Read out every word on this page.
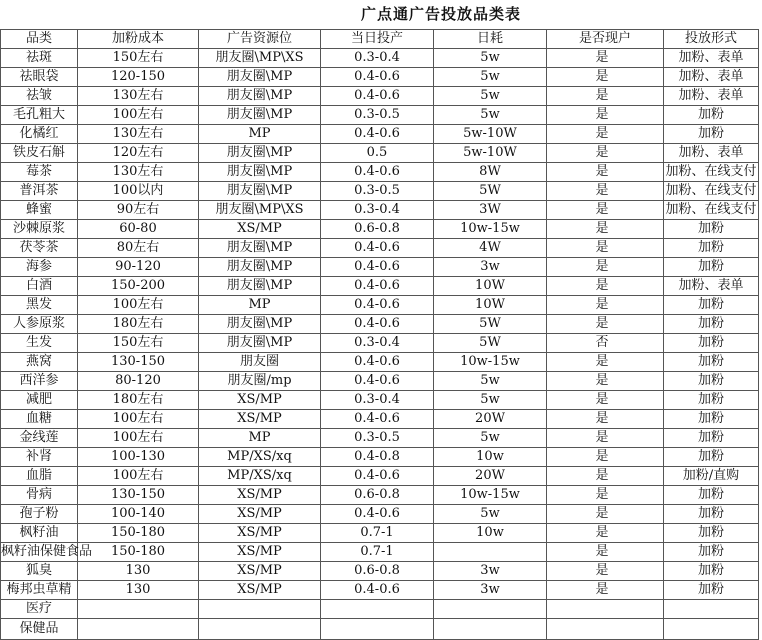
广点通广告投放品类表
品类	加粉成本	广告资源位	当日投产	日耗	是否现户	投放形式
祛斑	150左右	朋友圈\MP\XS	0.3-0.4	5w	是	加粉、表单
祛眼袋	120-150	朋友圈\MP	0.4-0.6	5w	是	加粉、表单
祛皱	130左右	朋友圈\MP	0.4-0.6	5w	是	加粉、表单
毛孔粗大	100左右	朋友圈\MP	0.3-0.5	5w	是	加粉
化橘红	130左右	MP	0.4-0.6	5w-10W	是	加粉
铁皮石斛	120左右	朋友圈\MP	0.5	5w-10W	是	加粉、表单
莓茶	130左右	朋友圈\MP	0.4-0.6	8W	是	加粉、在线支付
普洱茶	100以内	朋友圈\MP	0.3-0.5	5W	是	加粉、在线支付
蜂蜜	90左右	朋友圈\MP\XS	0.3-0.4	3W	是	加粉、在线支付
沙棘原浆	60-80	XS/MP	0.6-0.8	10w-15w	是	加粉
茯苓茶	80左右	朋友圈\MP	0.4-0.6	4W	是	加粉
海参	90-120	朋友圈\MP	0.4-0.6	3w	是	加粉
白酒	150-200	朋友圈\MP	0.4-0.6	10W	是	加粉、表单
黑发	100左右	MP	0.4-0.6	10W	是	加粉
人参原浆	180左右	朋友圈\MP	0.4-0.6	5W	是	加粉
生发	150左右	朋友圈\MP	0.3-0.4	5W	否	加粉
燕窝	130-150	朋友圈	0.4-0.6	10w-15w	是	加粉
西洋参	80-120	朋友圈/mp	0.4-0.6	5w	是	加粉
减肥	180左右	XS/MP	0.3-0.4	5w	是	加粉
血糖	100左右	XS/MP	0.4-0.6	20W	是	加粉
金线莲	100左右	MP	0.3-0.5	5w	是	加粉
补肾	100-130	MP/XS/xq	0.4-0.8	10w	是	加粉
血脂	100左右	MP/XS/xq	0.4-0.6	20W	是	加粉/直购
骨病	130-150	XS/MP	0.6-0.8	10w-15w	是	加粉
孢子粉	100-140	XS/MP	0.4-0.6	5w	是	加粉
枫籽油	150-180	XS/MP	0.7-1	10w	是	加粉
枫籽油保健食品	150-180	XS/MP	0.7-1		是	加粉
狐臭	130	XS/MP	0.6-0.8	3w	是	加粉
梅邦虫草精	130	XS/MP	0.4-0.6	3w	是	加粉
医疗						
保健品						
